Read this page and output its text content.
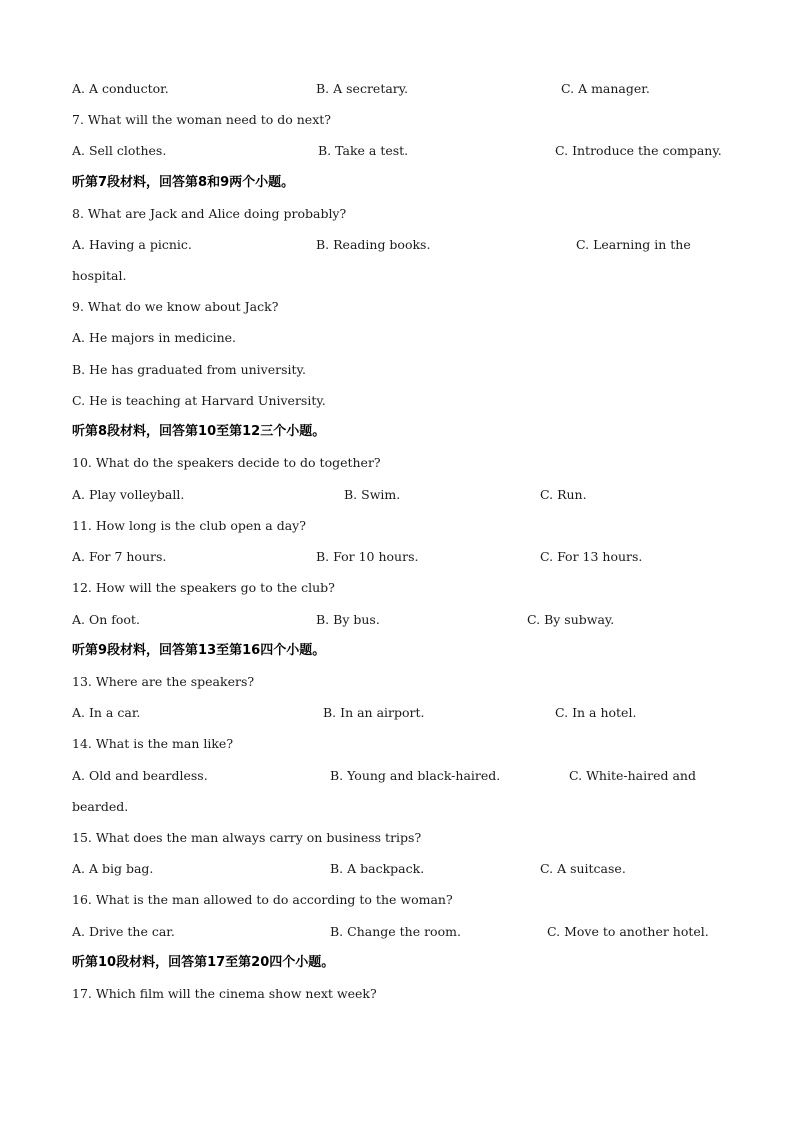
A. A conductor.	B. A secretary.	C. A manager.
7. What will the woman need to do next?
A. Sell clothes.	B. Take a test.	C. Introduce the company.
听第7段材料，回答第8和9两个小题。
8. What are Jack and Alice doing probably?
A. Having a picnic.	B. Reading books.	C. Learning in the
hospital.
9. What do we know about Jack?
A. He majors in medicine.
B. He has graduated from university.
C. He is teaching at Harvard University.
听第8段材料，回答第10至第12三个小题。
10. What do the speakers decide to do together?
A. Play volleyball.	B. Swim.	C. Run.
11. How long is the club open a day?
A. For 7 hours.	B. For 10 hours.	C. For 13 hours.
12. How will the speakers go to the club?
A. On foot.	B. By bus.	C. By subway.
听第9段材料，回答第13至第16四个小题。
13. Where are the speakers?
A. In a car.	B. In an airport.	C. In a hotel.
14. What is the man like?
A. Old and beardless.	B. Young and black-haired.	C. White-haired and
bearded.
15. What does the man always carry on business trips?
A. A big bag.	B. A backpack.	C. A suitcase.
16. What is the man allowed to do according to the woman?
A. Drive the car.	B. Change the room.	C. Move to another hotel.
听第10段材料，回答第17至第20四个小题。
17. Which film will the cinema show next week?
